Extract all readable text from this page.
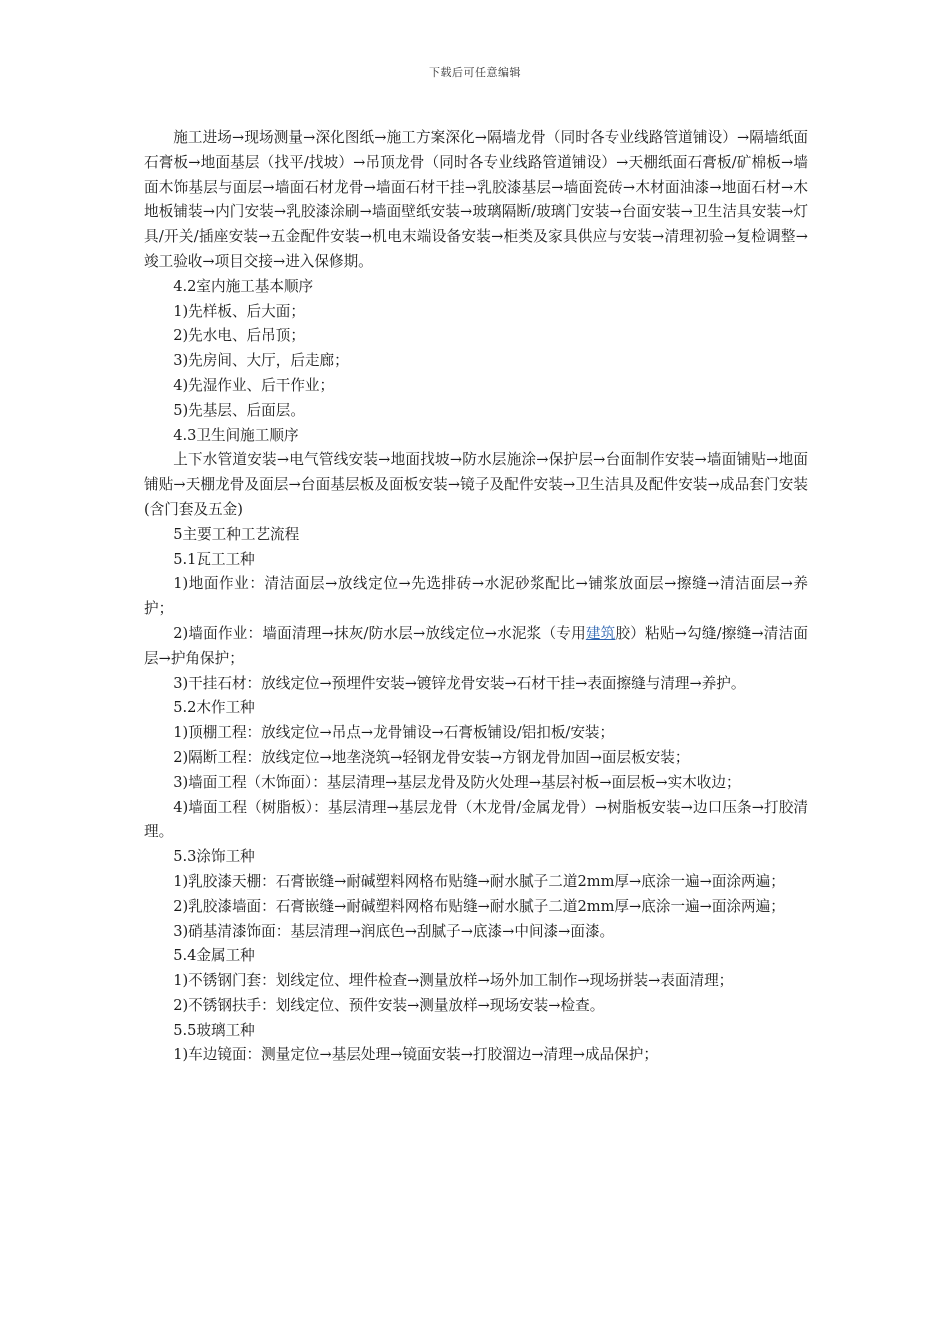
下载后可任意编辑

施工进场→现场测量→深化图纸→施工方案深化→隔墙龙骨（同时各专业线路管道铺设）→隔墙纸面石膏板→地面基层（找平/找坡）→吊顶龙骨（同时各专业线路管道铺设）→天棚纸面石膏板/矿棉板→墙面木饰基层与面层→墙面石材龙骨→墙面石材干挂→乳胶漆基层→墙面瓷砖→木材面油漆→地面石材→木地板铺装→内门安装→乳胶漆涂刷→墙面壁纸安装→玻璃隔断/玻璃门安装→台面安装→卫生洁具安装→灯具/开关/插座安装→五金配件安装→机电末端设备安装→柜类及家具供应与安装→清理初验→复检调整→竣工验收→项目交接→进入保修期。

4.2室内施工基本顺序

1)先样板、后大面；

2)先水电、后吊顶；

3)先房间、大厅，后走廊；

4)先湿作业、后干作业；

5)先基层、后面层。

4.3卫生间施工顺序

上下水管道安装→电气管线安装→地面找坡→防水层施涂→保护层→台面制作安装→墙面铺贴→地面铺贴→天棚龙骨及面层→台面基层板及面板安装→镜子及配件安装→卫生洁具及配件安装→成品套门安装(含门套及五金)

5主要工种工艺流程

5.1瓦工工种

1)地面作业：清洁面层→放线定位→先选排砖→水泥砂浆配比→铺浆放面层→擦缝→清洁面层→养护；

2)墙面作业：墙面清理→抹灰/防水层→放线定位→水泥浆（专用建筑胶）粘贴→勾缝/擦缝→清洁面层→护角保护；

3)干挂石材：放线定位→预埋件安装→镀锌龙骨安装→石材干挂→表面擦缝与清理→养护。

5.2木作工种

1)顶棚工程：放线定位→吊点→龙骨铺设→石膏板铺设/铝扣板/安装；

2)隔断工程：放线定位→地垄浇筑→轻钢龙骨安装→方钢龙骨加固→面层板安装；

3)墙面工程（木饰面）：基层清理→基层龙骨及防火处理→基层衬板→面层板→实木收边；

4)墙面工程（树脂板）：基层清理→基层龙骨（木龙骨/金属龙骨）→树脂板安装→边口压条→打胶清理。

5.3涂饰工种

1)乳胶漆天棚：石膏嵌缝→耐碱塑料网格布贴缝→耐水腻子二道2mm厚→底涂一遍→面涂两遍；

2)乳胶漆墙面：石膏嵌缝→耐碱塑料网格布贴缝→耐水腻子二道2mm厚→底涂一遍→面涂两遍；

3)硝基清漆饰面：基层清理→润底色→刮腻子→底漆→中间漆→面漆。

5.4金属工种

1)不锈钢门套：划线定位、埋件检查→测量放样→场外加工制作→现场拼装→表面清理；

2)不锈钢扶手：划线定位、预件安装→测量放样→现场安装→检查。

5.5玻璃工种

1)车边镜面：测量定位→基层处理→镜面安装→打胶溜边→清理→成品保护；
